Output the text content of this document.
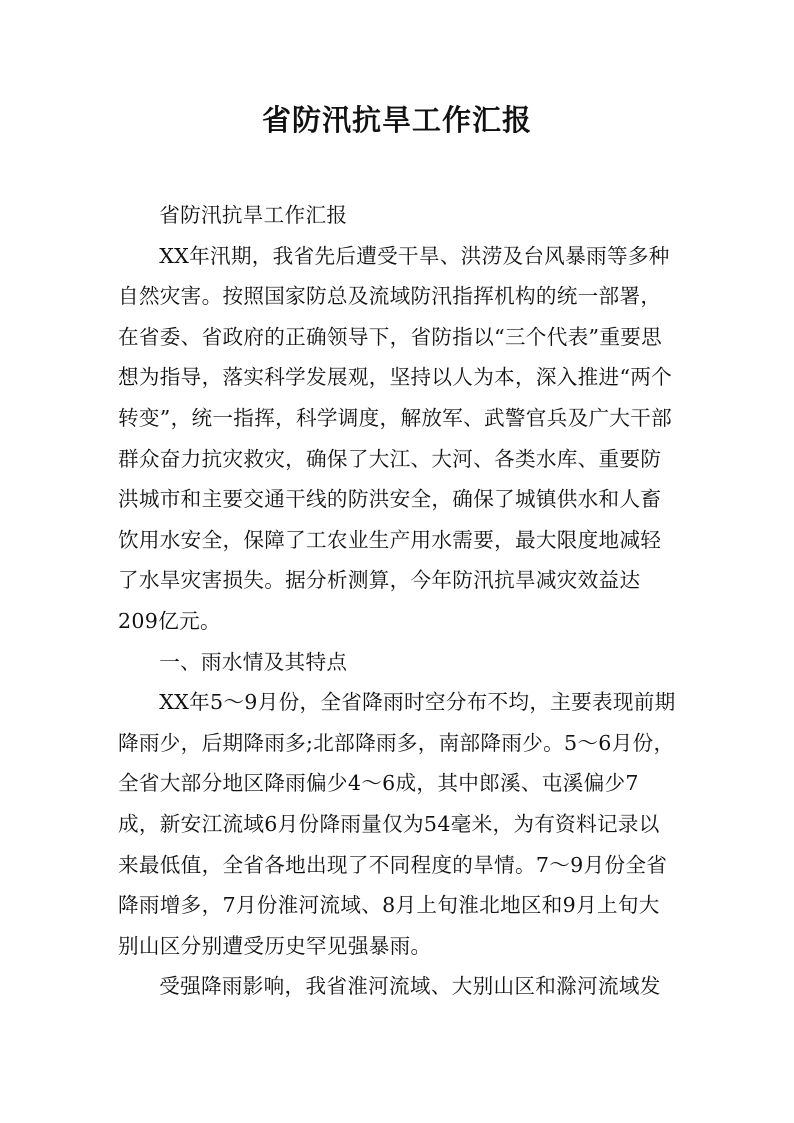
省防汛抗旱工作汇报

省防汛抗旱工作汇报

XX年汛期，我省先后遭受干旱、洪涝及台风暴雨等多种自然灾害。按照国家防总及流域防汛指挥机构的统一部署，在省委、省政府的正确领导下，省防指以“三个代表”重要思想为指导，落实科学发展观，坚持以人为本，深入推进“两个转变”，统一指挥，科学调度，解放军、武警官兵及广大干部群众奋力抗灾救灾，确保了大江、大河、各类水库、重要防洪城市和主要交通干线的防洪安全，确保了城镇供水和人畜饮用水安全，保障了工农业生产用水需要，最大限度地减轻了水旱灾害损失。据分析测算，今年防汛抗旱减灾效益达209亿元。

一、雨水情及其特点

XX年5～9月份，全省降雨时空分布不均，主要表现前期降雨少，后期降雨多;北部降雨多，南部降雨少。5～6月份，全省大部分地区降雨偏少4～6成，其中郎溪、屯溪偏少7成，新安江流域6月份降雨量仅为54毫米，为有资料记录以来最低值，全省各地出现了不同程度的旱情。7～9月份全省降雨增多，7月份淮河流域、8月上旬淮北地区和9月上旬大别山区分别遭受历史罕见强暴雨。

受强降雨影响，我省淮河流域、大别山区和滁河流域发
